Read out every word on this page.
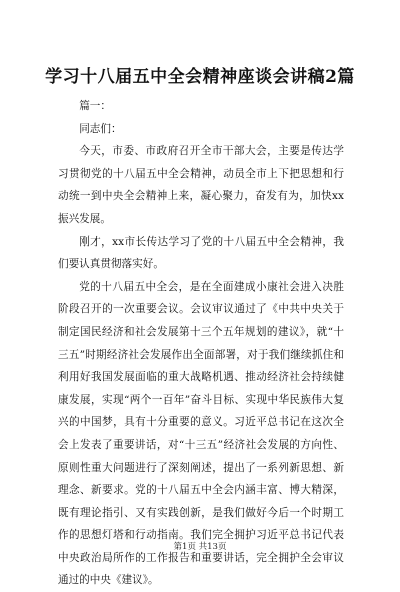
学习十八届五中全会精神座谈会讲稿2篇

篇一：

同志们：

今天，市委、市政府召开全市干部大会，主要是传达学习贯彻党的十八届五中全会精神，动员全市上下把思想和行动统一到中央全会精神上来，凝心聚力，奋发有为，加快xx振兴发展。

刚才，xx市长传达学习了党的十八届五中全会精神，我们要认真贯彻落实好。

党的十八届五中全会，是在全面建成小康社会进入决胜阶段召开的一次重要会议。会议审议通过了《中共中央关于制定国民经济和社会发展第十三个五年规划的建议》，就“十三五”时期经济社会发展作出全面部署，对于我们继续抓住和利用好我国发展面临的重大战略机遇、推动经济社会持续健康发展，实现“两个一百年”奋斗目标、实现中华民族伟大复兴的中国梦，具有十分重要的意义。习近平总书记在这次全会上发表了重要讲话，对“十三五”经济社会发展的方向性、原则性重大问题进行了深刻阐述，提出了一系列新思想、新理念、新要求。党的十八届五中全会内涵丰富、博大精深，既有理论指引、又有实践创新，是我们做好今后一个时期工作的思想灯塔和行动指南。我们完全拥护习近平总书记代表中央政治局所作的工作报告和重要讲话，完全拥护全会审议通过的中央《建议》。

第1页 共13页
